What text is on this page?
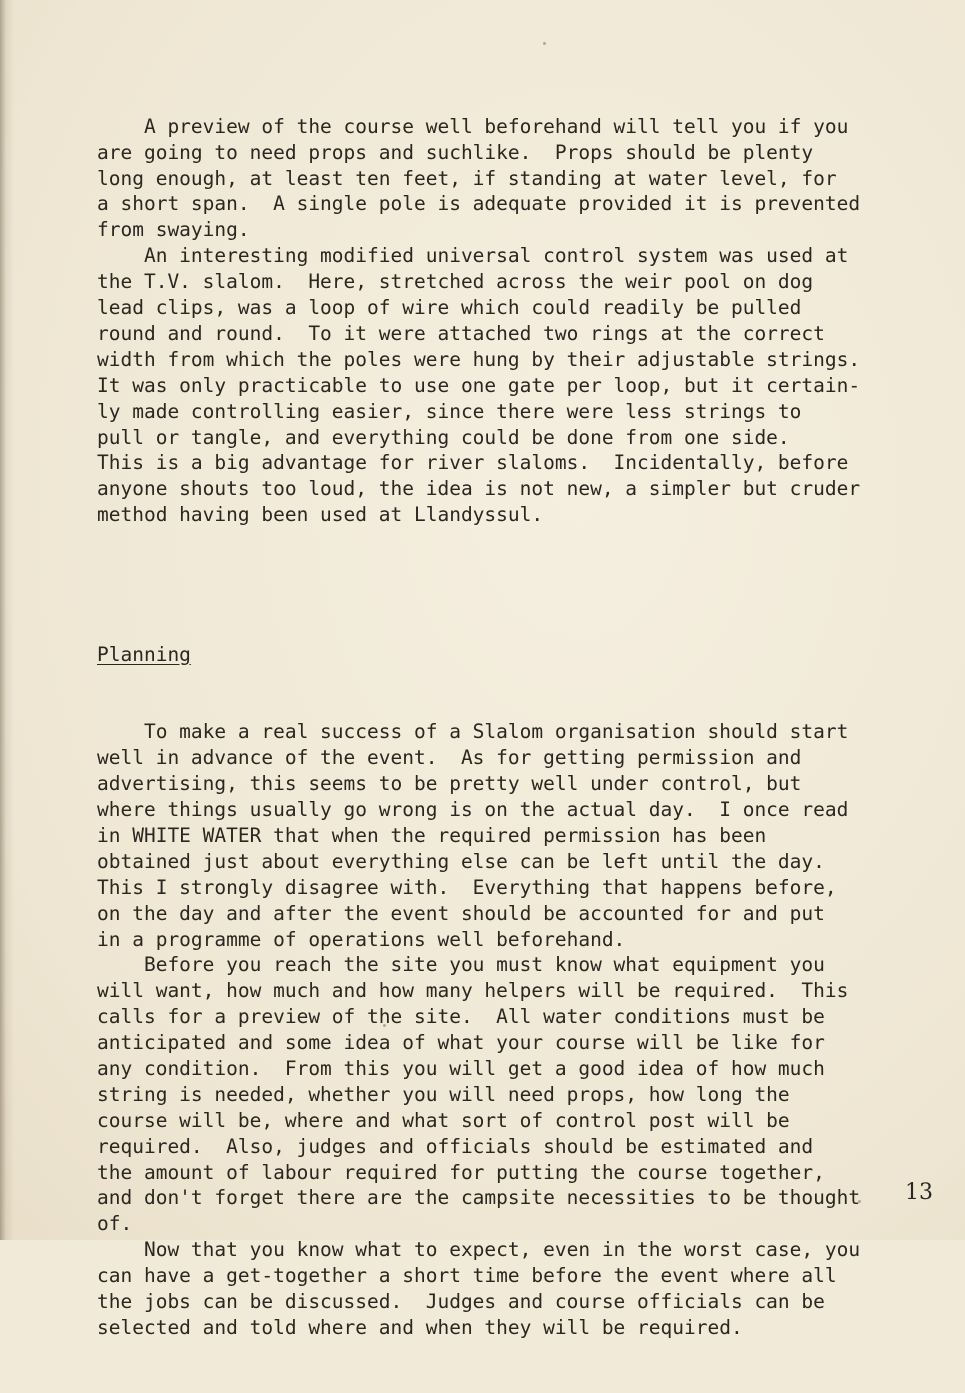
A preview of the course well beforehand will tell you if you
are going to need props and suchlike.  Props should be plenty
long enough, at least ten feet, if standing at water level, for
a short span.  A single pole is adequate provided it is prevented
from swaying.
An interesting modified universal control system was used at
the T.V. slalom.  Here, stretched across the weir pool on dog
lead clips, was a loop of wire which could readily be pulled
round and round.  To it were attached two rings at the correct
width from which the poles were hung by their adjustable strings.
It was only practicable to use one gate per loop, but it certain-
ly made controlling easier, since there were less strings to
pull or tangle, and everything could be done from one side.
This is a big advantage for river slaloms.  Incidentally, before
anyone shouts too loud, the idea is not new, a simpler but cruder
method having been used at Llandyssul.

Planning

To make a real success of a Slalom organisation should start
well in advance of the event.  As for getting permission and
advertising, this seems to be pretty well under control, but
where things usually go wrong is on the actual day.  I once read
in WHITE WATER that when the required permission has been
obtained just about everything else can be left until the day.
This I strongly disagree with.  Everything that happens before,
on the day and after the event should be accounted for and put
in a programme of operations well beforehand.
Before you reach the site you must know what equipment you
will want, how much and how many helpers will be required.  This
calls for a preview of the site.  All water conditions must be
anticipated and some idea of what your course will be like for
any condition.  From this you will get a good idea of how much
string is needed, whether you will need props, how long the
course will be, where and what sort of control post will be
required.  Also, judges and officials should be estimated and
the amount of labour required for putting the course together,
and don't forget there are the campsite necessities to be thought
of.
Now that you know what to expect, even in the worst case, you
can have a get-together a short time before the event where all
the jobs can be discussed.  Judges and course officials can be
selected and told where and when they will be required.

13
